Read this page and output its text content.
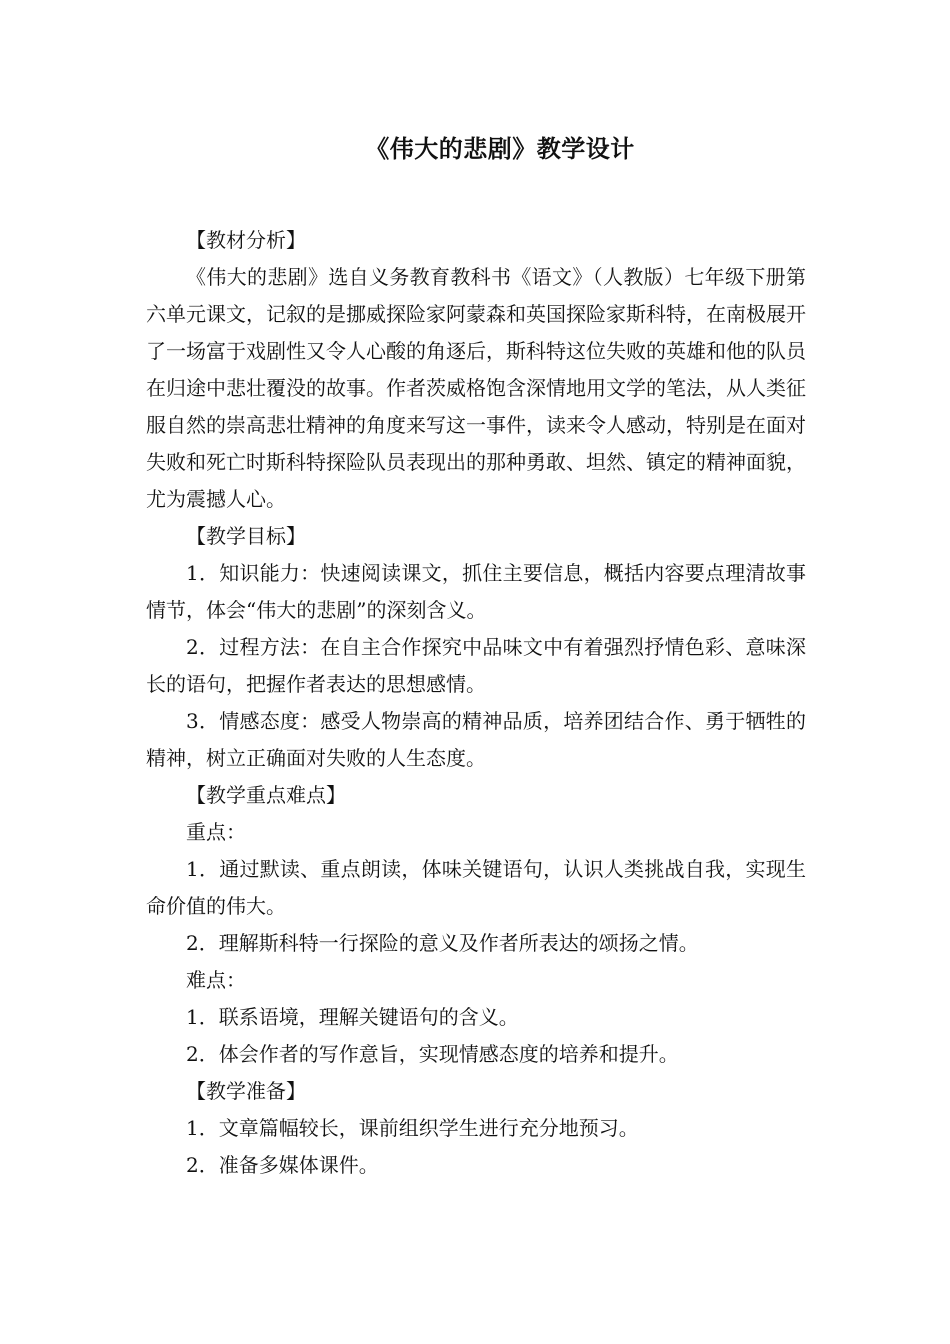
《伟大的悲剧》教学设计

【教材分析】

《伟大的悲剧》选自义务教育教科书《语文》（人教版）七年级下册第六单元课文，记叙的是挪威探险家阿蒙森和英国探险家斯科特，在南极展开了一场富于戏剧性又令人心酸的角逐后，斯科特这位失败的英雄和他的队员在归途中悲壮覆没的故事。作者茨威格饱含深情地用文学的笔法，从人类征服自然的崇高悲壮精神的角度来写这一事件，读来令人感动，特别是在面对失败和死亡时斯科特探险队员表现出的那种勇敢、坦然、镇定的精神面貌，尤为震撼人心。

【教学目标】

1．知识能力：快速阅读课文，抓住主要信息，概括内容要点理清故事情节，体会“伟大的悲剧”的深刻含义。

2．过程方法：在自主合作探究中品味文中有着强烈抒情色彩、意味深长的语句，把握作者表达的思想感情。

3．情感态度：感受人物崇高的精神品质，培养团结合作、勇于牺牲的精神，树立正确面对失败的人生态度。

【教学重点难点】

重点：

1．通过默读、重点朗读，体味关键语句，认识人类挑战自我，实现生命价值的伟大。

2．理解斯科特一行探险的意义及作者所表达的颂扬之情。

难点：

1．联系语境，理解关键语句的含义。

2．体会作者的写作意旨，实现情感态度的培养和提升。

【教学准备】

1．文章篇幅较长，课前组织学生进行充分地预习。

2．准备多媒体课件。
